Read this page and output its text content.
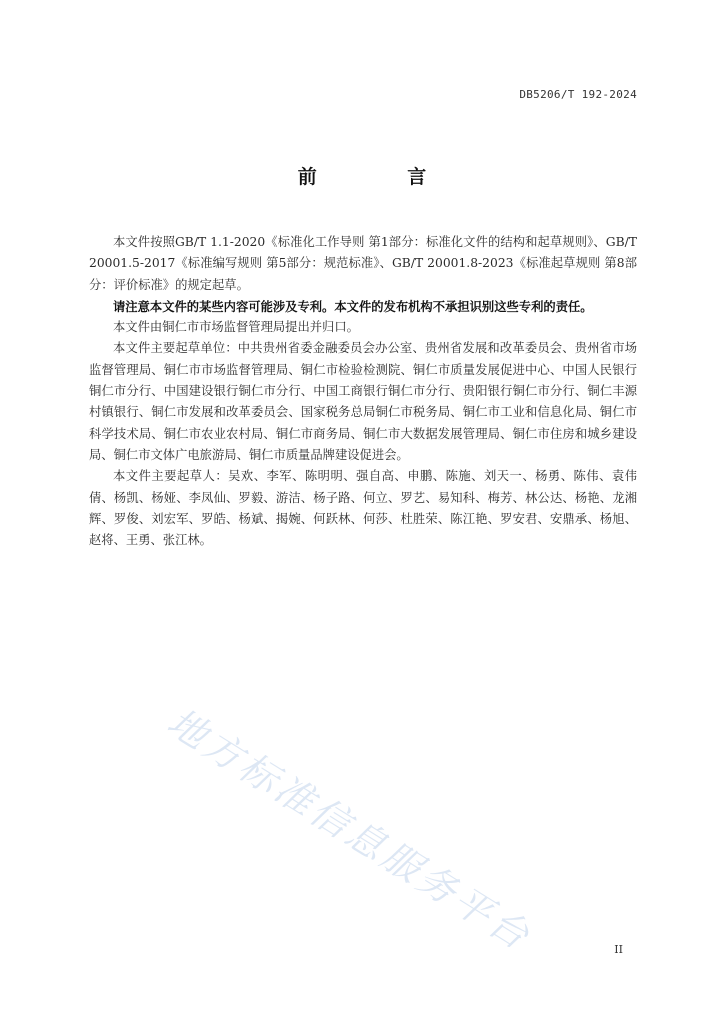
DB5206/T 192-2024
前 言

本文件按照GB/T 1.1-2020《标准化工作导则 第1部分：标准化文件的结构和起草规则》、GB/T 20001.5-2017《标准编写规则 第5部分：规范标准》、GB/T 20001.8-2023《标准起草规则 第8部分：评价标准》的规定起草。

请注意本文件的某些内容可能涉及专利。本文件的发布机构不承担识别这些专利的责任。

本文件由铜仁市市场监督管理局提出并归口。

本文件主要起草单位：中共贵州省委金融委员会办公室、贵州省发展和改革委员会、贵州省市场监督管理局、铜仁市市场监督管理局、铜仁市检验检测院、铜仁市质量发展促进中心、中国人民银行铜仁市分行、中国建设银行铜仁市分行、中国工商银行铜仁市分行、贵阳银行铜仁市分行、铜仁丰源村镇银行、铜仁市发展和改革委员会、国家税务总局铜仁市税务局、铜仁市工业和信息化局、铜仁市科学技术局、铜仁市农业农村局、铜仁市商务局、铜仁市大数据发展管理局、铜仁市住房和城乡建设局、铜仁市文体广电旅游局、铜仁市质量品牌建设促进会。

本文件主要起草人：吴欢、李军、陈明明、强自高、申鹏、陈施、刘天一、杨勇、陈伟、袁伟倩、杨凯、杨娅、李凤仙、罗毅、游洁、杨子路、何立、罗艺、易知科、梅芳、林公达、杨艳、龙湘辉、罗俊、刘宏军、罗皓、杨斌、揭婉、何跃林、何莎、杜胜荣、陈江艳、罗安君、安鼎承、杨旭、赵将、王勇、张江林。

地方标准信息服务平台	II
